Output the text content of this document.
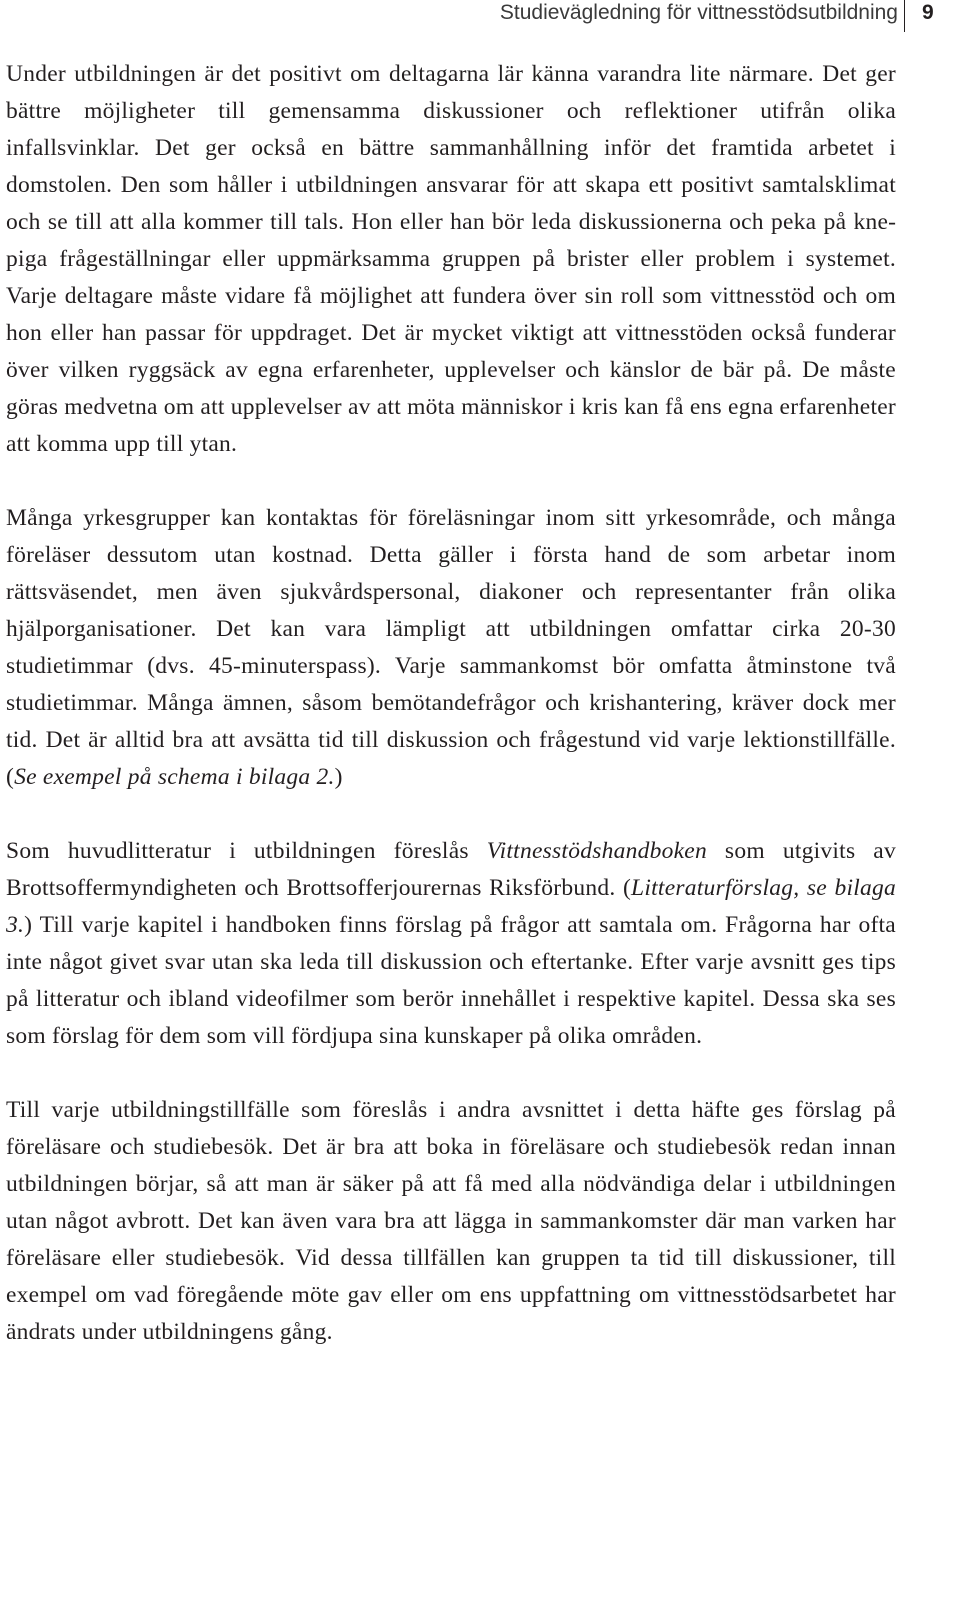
Studievägledning för vittnesstödsutbildning 9

Under utbildningen är det positivt om deltagarna lär känna varandra lite närmare. Det ger bättre möjligheter till gemensamma diskussioner och reflektioner utifrån olika infallsvinklar. Det ger också en bättre sammanhållning inför det framtida arbetet i domstolen. Den som håller i utbildningen ansvarar för att skapa ett positivt samtalsklimat och se till att alla kommer till tals. Hon eller han bör leda diskussionerna och peka på knepiga frågeställningar eller uppmärksamma gruppen på brister eller problem i systemet. Varje deltagare måste vidare få möjlighet att fundera över sin roll som vittnesstöd och om hon eller han passar för uppdraget. Det är mycket viktigt att vittnesstöden också funderar över vilken ryggsäck av egna erfarenheter, upplevelser och känslor de bär på. De måste göras medvetna om att upplevelser av att möta människor i kris kan få ens egna erfarenheter att komma upp till ytan.

Många yrkesgrupper kan kontaktas för föreläsningar inom sitt yrkesområde, och många föreläser dessutom utan kostnad. Detta gäller i första hand de som arbetar inom rättsväsendet, men även sjukvårdspersonal, diakoner och representanter från olika hjälporganisationer. Det kan vara lämpligt att utbildningen omfattar cirka 20-30 studietimmar (dvs. 45-minuterspass). Varje sammankomst bör omfatta åtminstone två studietimmar. Många ämnen, såsom bemötandefrågor och krishantering, kräver dock mer tid. Det är alltid bra att avsätta tid till diskussion och frågestund vid varje lektionstillfälle. (Se exempel på schema i bilaga 2.)

Som huvudlitteratur i utbildningen föreslås Vittnesstödshandboken som utgivits av Brottsoffermyndigheten och Brottsofferjourernas Riksförbund. (Litteraturförslag, se bilaga 3.) Till varje kapitel i handboken finns förslag på frågor att samtala om. Frågorna har ofta inte något givet svar utan ska leda till diskussion och eftertanke. Efter varje avsnitt ges tips på litteratur och ibland videofilmer som berör innehållet i respektive kapitel. Dessa ska ses som förslag för dem som vill fördjupa sina kunskaper på olika områden.

Till varje utbildningstillfälle som föreslås i andra avsnittet i detta häfte ges förslag på föreläsare och studiebesök. Det är bra att boka in föreläsare och studiebesök redan innan utbildningen börjar, så att man är säker på att få med alla nödvändiga delar i utbildningen utan något avbrott. Det kan även vara bra att lägga in sammankomster där man varken har föreläsare eller studiebesök. Vid dessa tillfällen kan gruppen ta tid till diskussioner, till exempel om vad föregående möte gav eller om ens uppfattning om vittnesstödsarbetet har ändrats under utbildningens gång.
